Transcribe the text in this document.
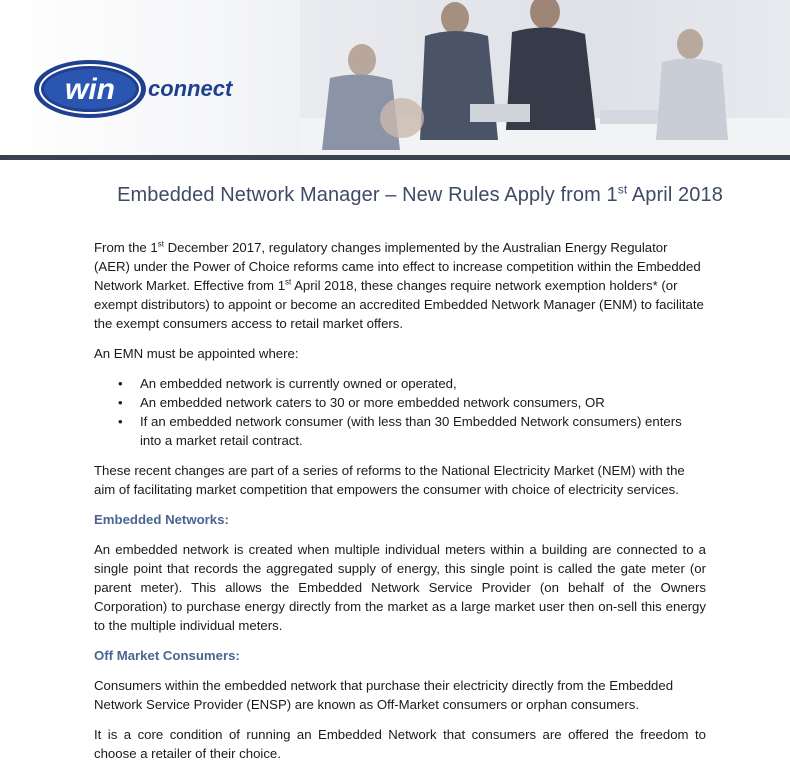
win connect
Embedded Network Manager – New Rules Apply from 1st April 2018

From the 1st December 2017, regulatory changes implemented by the Australian Energy Regulator (AER) under the Power of Choice reforms came into effect to increase competition within the Embedded Network Market. Effective from 1st April 2018, these changes require network exemption holders* (or exempt distributors) to appoint or become an accredited Embedded Network Manager (ENM) to facilitate the exempt consumers access to retail market offers.

An EMN must be appointed where:

• An embedded network is currently owned or operated,
• An embedded network caters to 30 or more embedded network consumers, OR
• If an embedded network consumer (with less than 30 Embedded Network consumers) enters into a market retail contract.

These recent changes are part of a series of reforms to the National Electricity Market (NEM) with the aim of facilitating market competition that empowers the consumer with choice of electricity services.

Embedded Networks:

An embedded network is created when multiple individual meters within a building are connected to a single point that records the aggregated supply of energy, this single point is called the gate meter (or parent meter). This allows the Embedded Network Service Provider (on behalf of the Owners Corporation) to purchase energy directly from the market as a large market user then on-sell this energy to the multiple individual meters.

Off Market Consumers:

Consumers within the embedded network that purchase their electricity directly from the Embedded Network Service Provider (ENSP) are known as Off-Market consumers or orphan consumers.

It is a core condition of running an Embedded Network that consumers are offered the freedom to choose a retailer of their choice.
